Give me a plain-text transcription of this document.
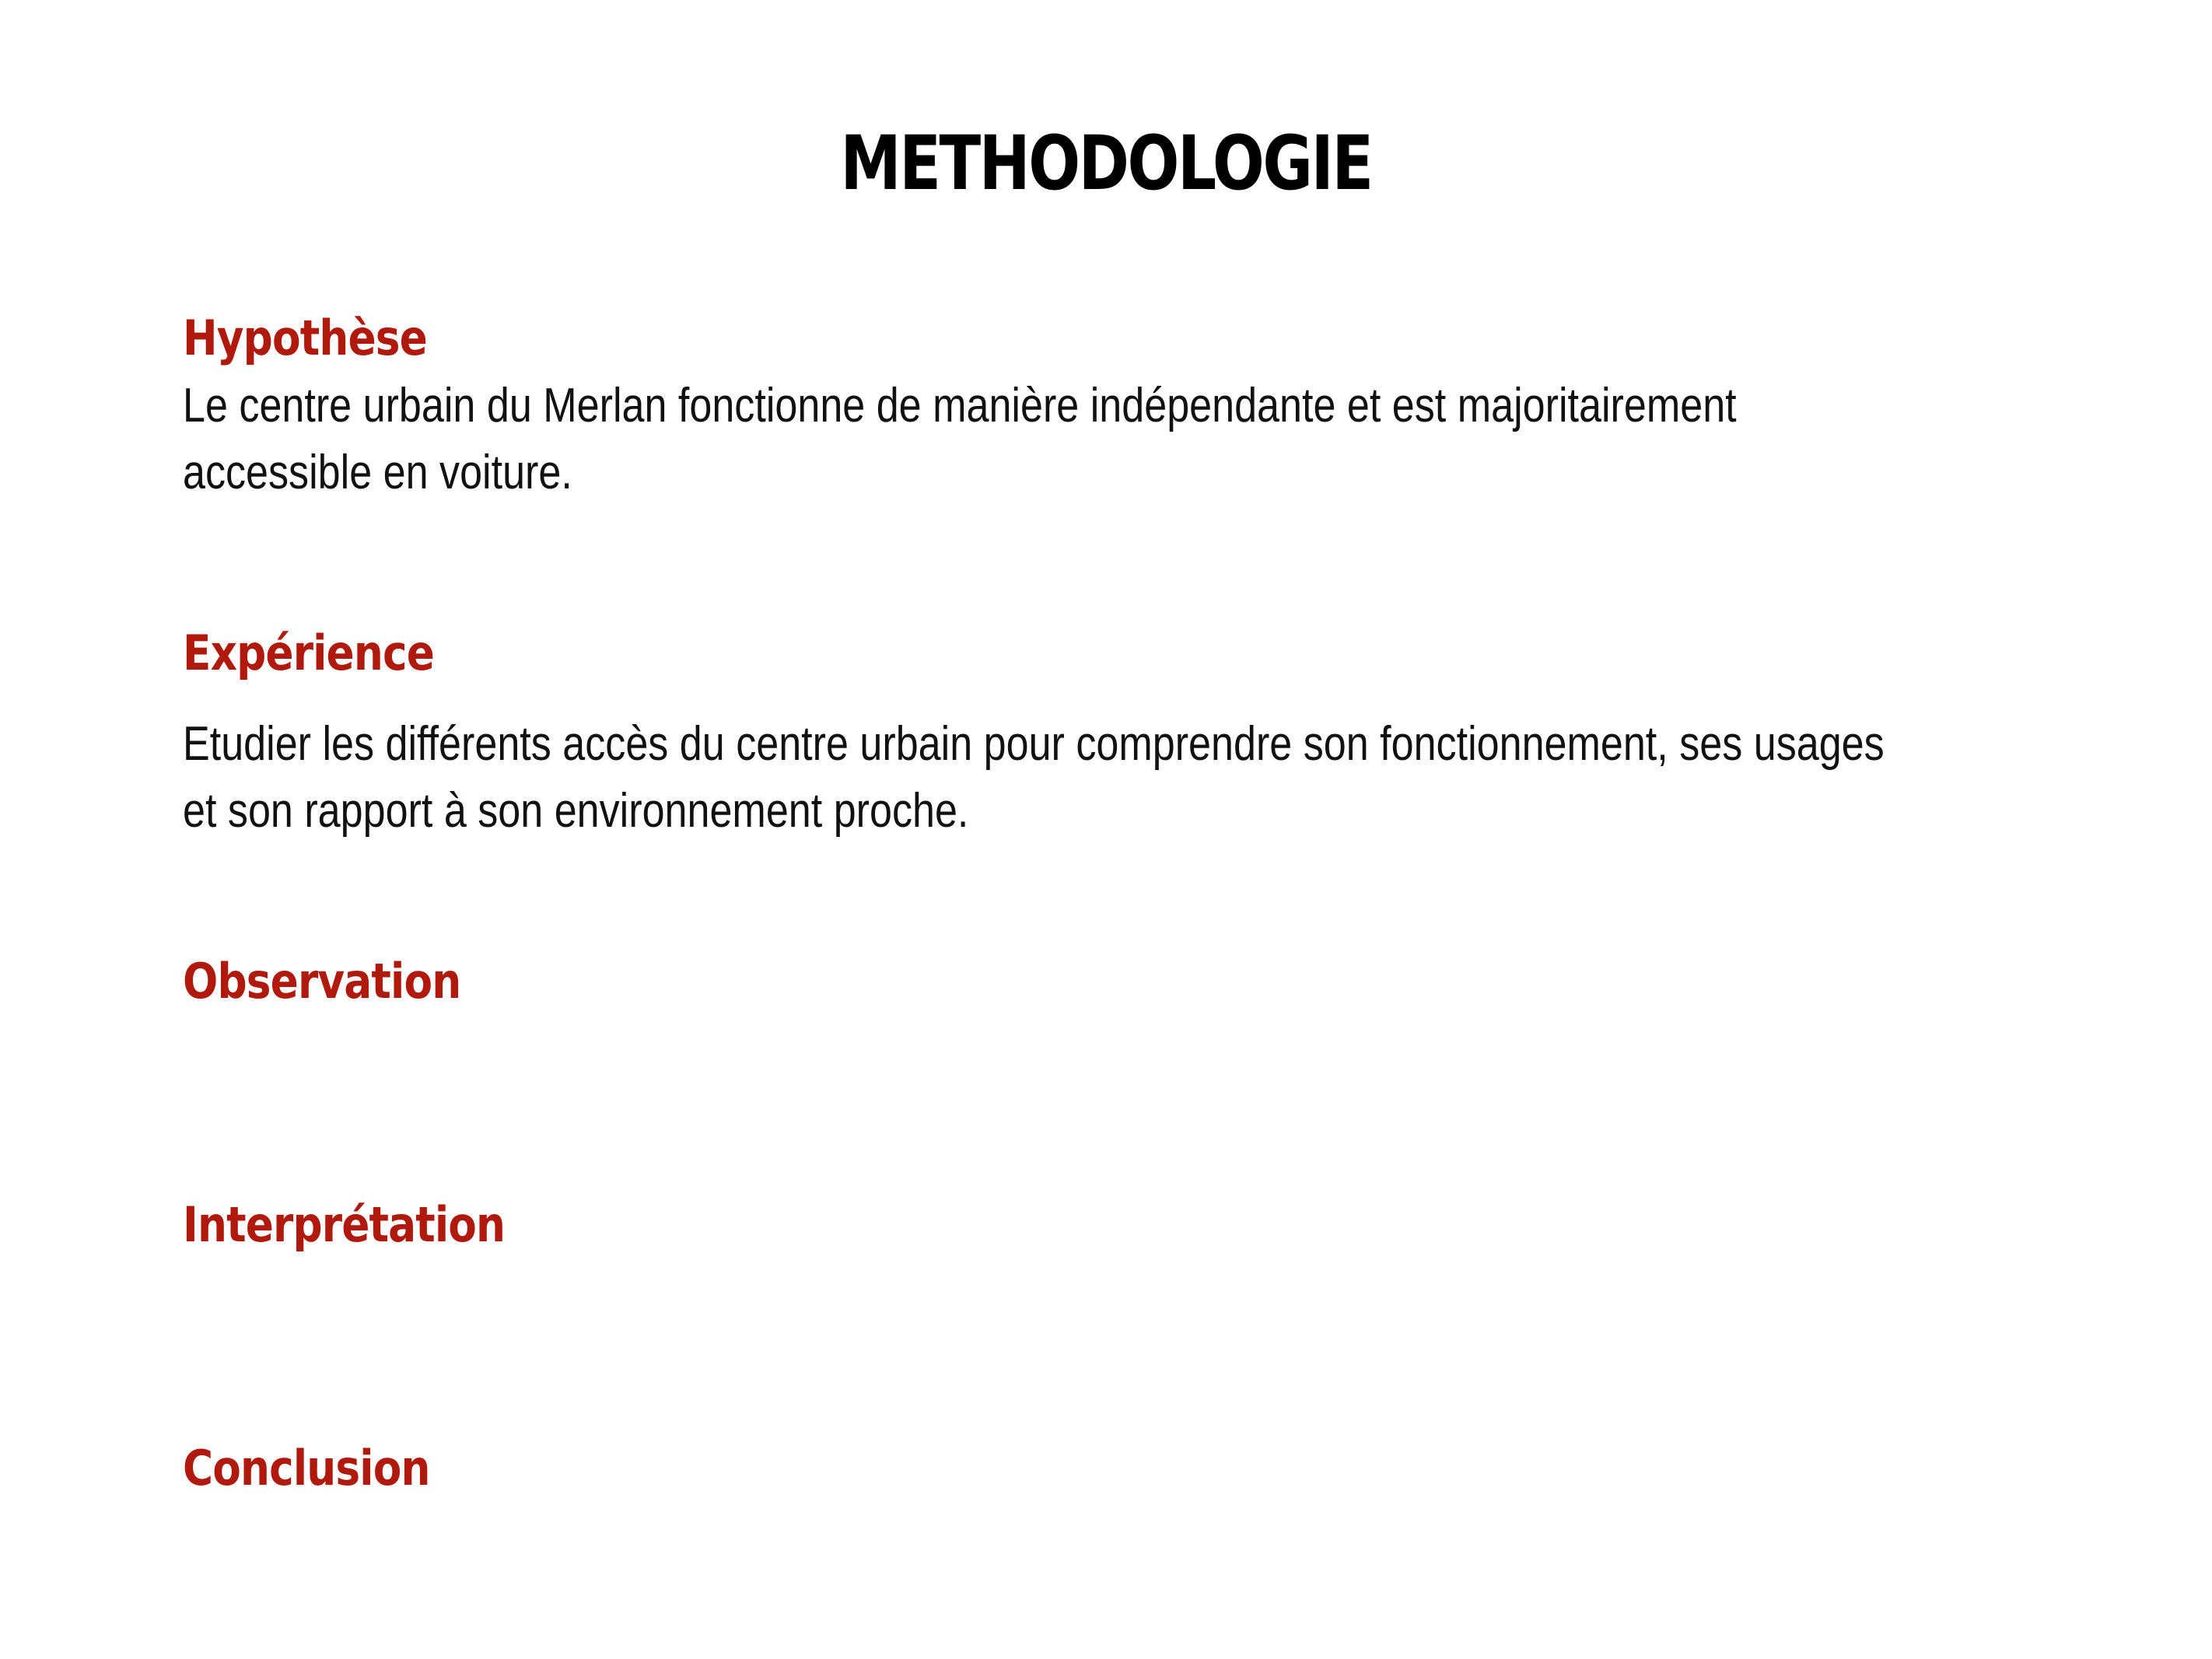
METHODOLOGIE
Hypothèse
Le centre urbain du Merlan fonctionne de manière indépendante et est majoritairement
accessible en voiture.
Expérience
Etudier les différents accès du centre urbain pour comprendre son fonctionnement, ses usages
et son rapport à son environnement proche.
Observation
Interprétation
Conclusion
